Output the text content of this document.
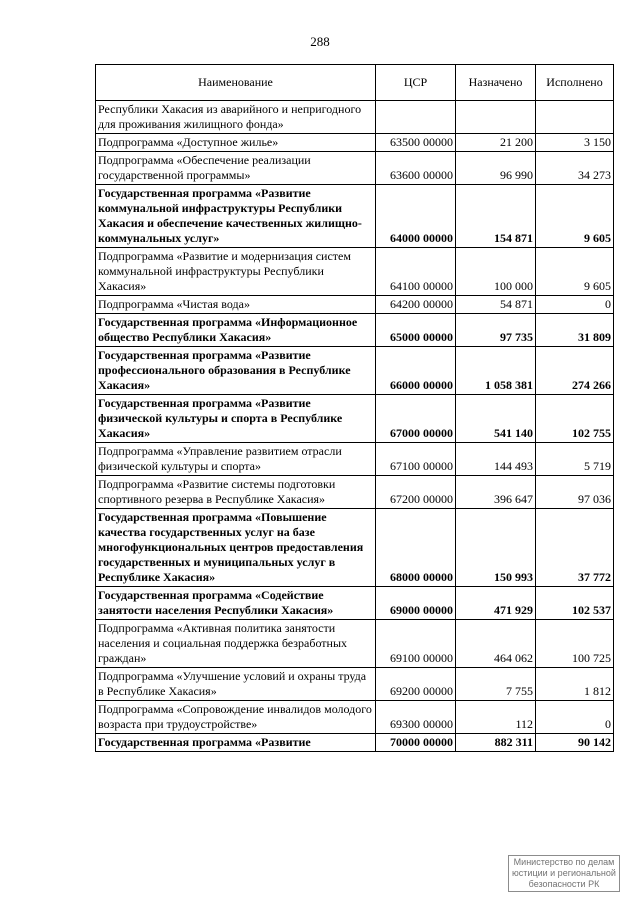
288
Наименование	ЦСР	Назначено	Исполнено
Республики Хакасия из аварийного и непригодного для проживания жилищного фонда»			
Подпрограмма «Доступное жилье»	63500 00000	21 200	3 150
Подпрограмма «Обеспечение реализации государственной программы»	63600 00000	96 990	34 273
Государственная программа «Развитие коммунальной инфраструктуры Республики Хакасия и обеспечение качественных жилищно-коммунальных услуг»	64000 00000	154 871	9 605
Подпрограмма «Развитие и модернизация систем коммунальной инфраструктуры Республики Хакасия»	64100 00000	100 000	9 605
Подпрограмма «Чистая вода»	64200 00000	54 871	0
Государственная программа «Информационное общество Республики Хакасия»	65000 00000	97 735	31 809
Государственная программа «Развитие профессионального образования в Республике Хакасия»	66000 00000	1 058 381	274 266
Государственная программа «Развитие физической культуры и спорта в Республике Хакасия»	67000 00000	541 140	102 755
Подпрограмма «Управление развитием отрасли физической культуры и спорта»	67100 00000	144 493	5 719
Подпрограмма «Развитие системы подготовки спортивного резерва в Республике Хакасия»	67200 00000	396 647	97 036
Государственная программа «Повышение качества государственных услуг на базе многофункциональных центров предоставления государственных и муниципальных услуг в Республике Хакасия»	68000 00000	150 993	37 772
Государственная программа «Содействие занятости населения Республики Хакасия»	69000 00000	471 929	102 537
Подпрограмма «Активная политика занятости населения и социальная поддержка безработных граждан»	69100 00000	464 062	100 725
Подпрограмма «Улучшение условий и охраны труда в Республике Хакасия»	69200 00000	7 755	1 812
Подпрограмма «Сопровождение инвалидов молодого возраста при трудоустройстве»	69300 00000	112	0
Государственная программа «Развитие	70000 00000	882 311	90 142
Министерство по делам
юстиции и региональной
безопасности РК
